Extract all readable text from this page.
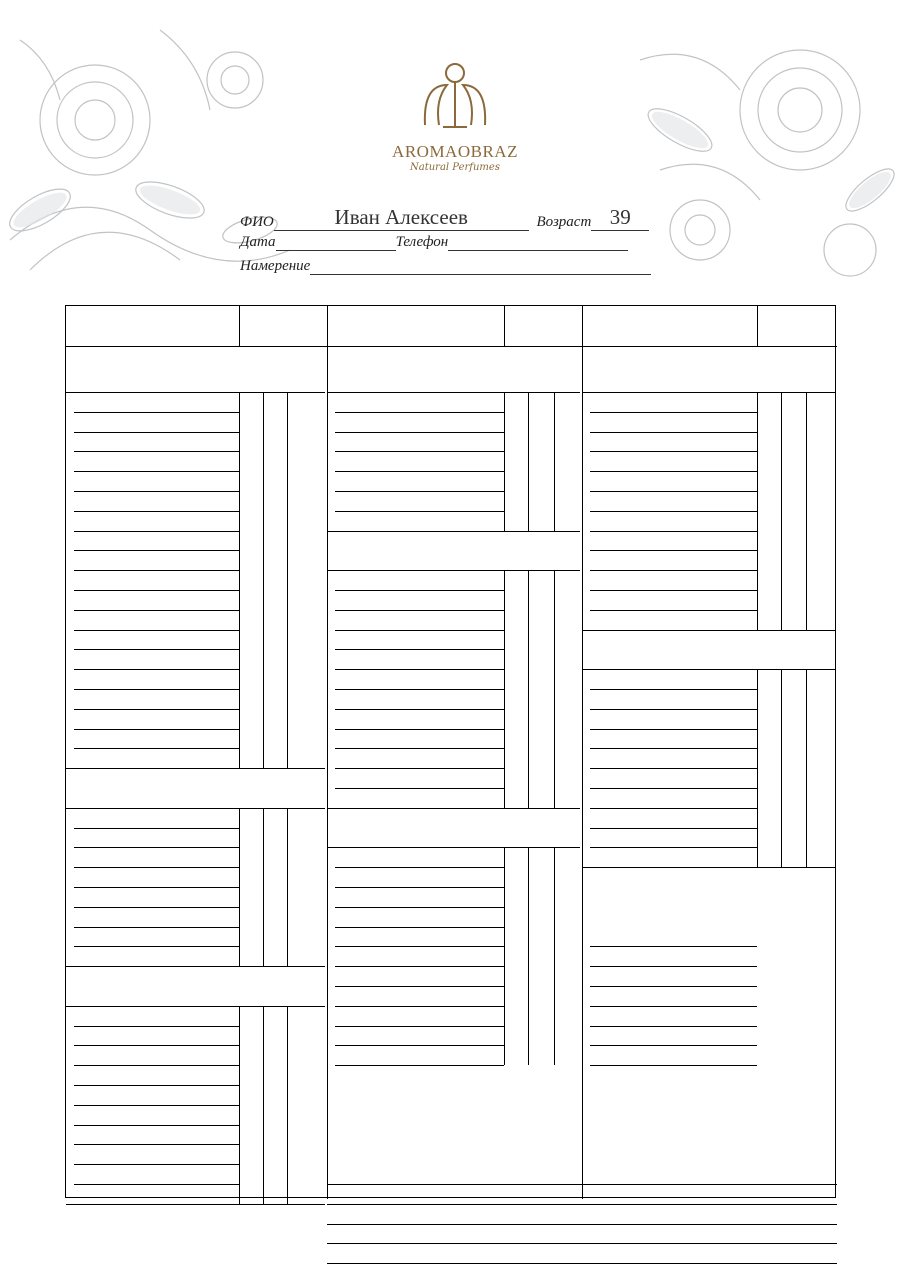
AROMAOBRAZ
Natural Perfumes
ФИО	Иван Алексеев	Возраст 39
Дата	Телефон
Намерение
